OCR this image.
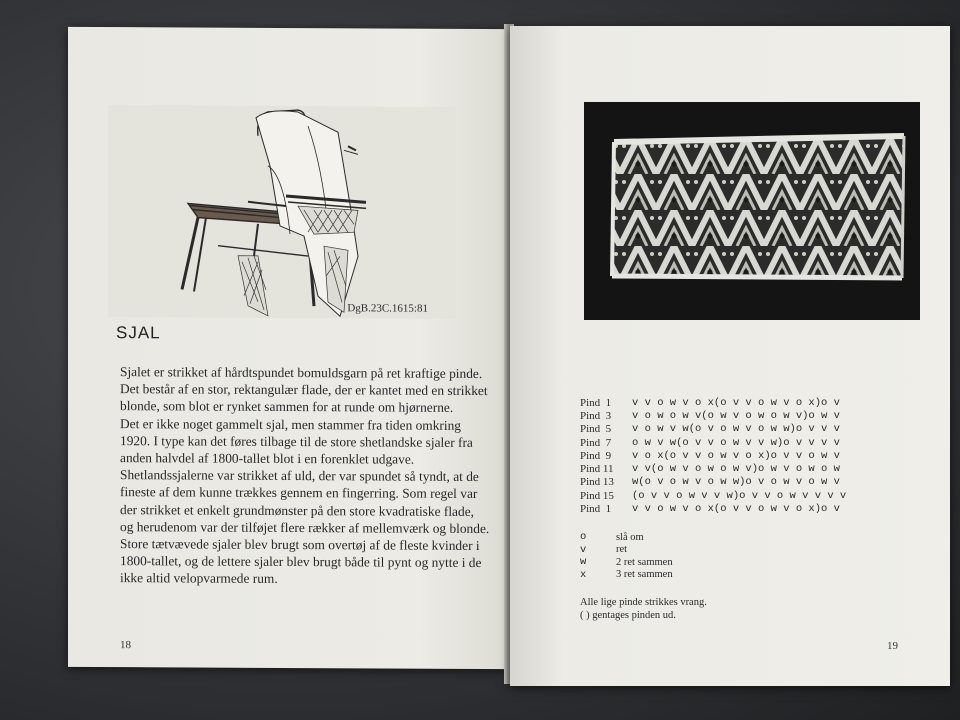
DgB.23C.1615:81
SJAL

Sjalet er strikket af hårdtspundet bomuldsgarn på ret kraftige pinde. Det består af en stor, rektangulær flade, der er kantet med en strikket blonde, som blot er rynket sammen for at runde om hjørnerne.

Det er ikke noget gammelt sjal, men stammer fra tiden omkring 1920. I type kan det føres tilbage til de store shetlandske sjaler fra anden halvdel af 1800-tallet blot i en forenklet udgave.

Shetlandssjalerne var strikket af uld, der var spundet så tyndt, at de fineste af dem kunne trækkes gennem en fingerring. Som regel var der strikket et enkelt grundmønster på den store kvadratiske flade, og herudenom var der tilføjet flere rækker af mellemværk og blonde. Store tætvævede sjaler blev brugt som overtøj af de fleste kvinder i 1800-tallet, og de lettere sjaler blev brugt både til pynt og nytte i de ikke altid velopvarmede rum.

18
Pind  1	v v o w v o x(o v v o w v o x)o v
Pind  3	v o w o w v(o w v o w o w v)o w v
Pind  5	v o w v w(o v o w v o w w)o v v v
Pind  7	o w v w(o v v o w v v w)o v v v v
Pind  9	v o x(o v v o w v o x)o v v o w v
Pind 11	v v(o w v o w o w v)o w v o w o w
Pind 13	w(o v o w v o w w)o v o w v o w v
Pind 15	(o v v o w v v w)o v v o w v v v v
Pind  1	v v o w v o x(o v v o w v o x)o v
o	slå om
v	ret
w	2 ret sammen
x	3 ret sammen

Alle lige pinde strikkes vrang.

( ) gentages pinden ud.

19
